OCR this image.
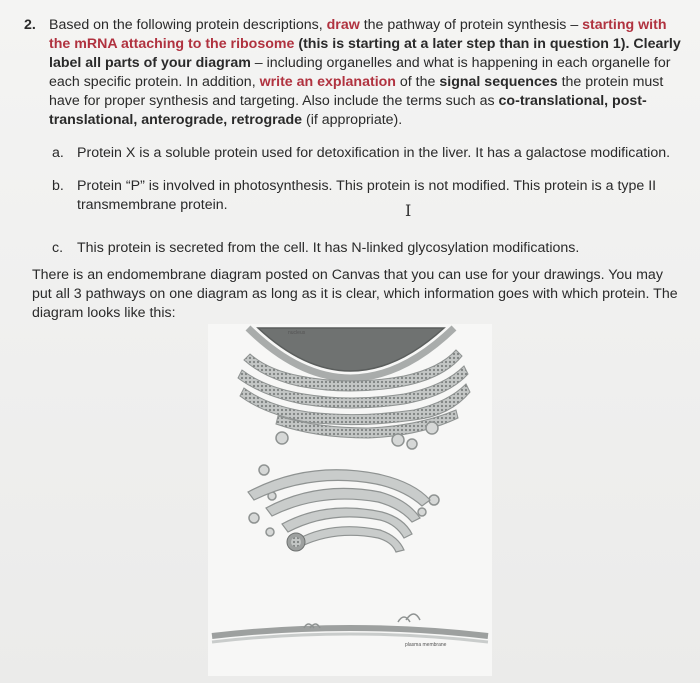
2. Based on the following protein descriptions, draw the pathway of protein synthesis – starting with the mRNA attaching to the ribosome (this is starting at a later step than in question 1). Clearly label all parts of your diagram – including organelles and what is happening in each organelle for each specific protein. In addition, write an explanation of the signal sequences the protein must have for proper synthesis and targeting. Also include the terms such as co-translational, post-translational, anterograde, retrograde (if appropriate).
a. Protein X is a soluble protein used for detoxification in the liver. It has a galactose modification.
b. Protein “P” is involved in photosynthesis. This protein is not modified. This protein is a type II transmembrane protein.
c. This protein is secreted from the cell. It has N-linked glycosylation modifications.
I
There is an endomembrane diagram posted on Canvas that you can use for your drawings. You may put all 3 pathways on one diagram as long as it is clear, which information goes with which protein. The diagram looks like this:
nucleus
plasma membrane
